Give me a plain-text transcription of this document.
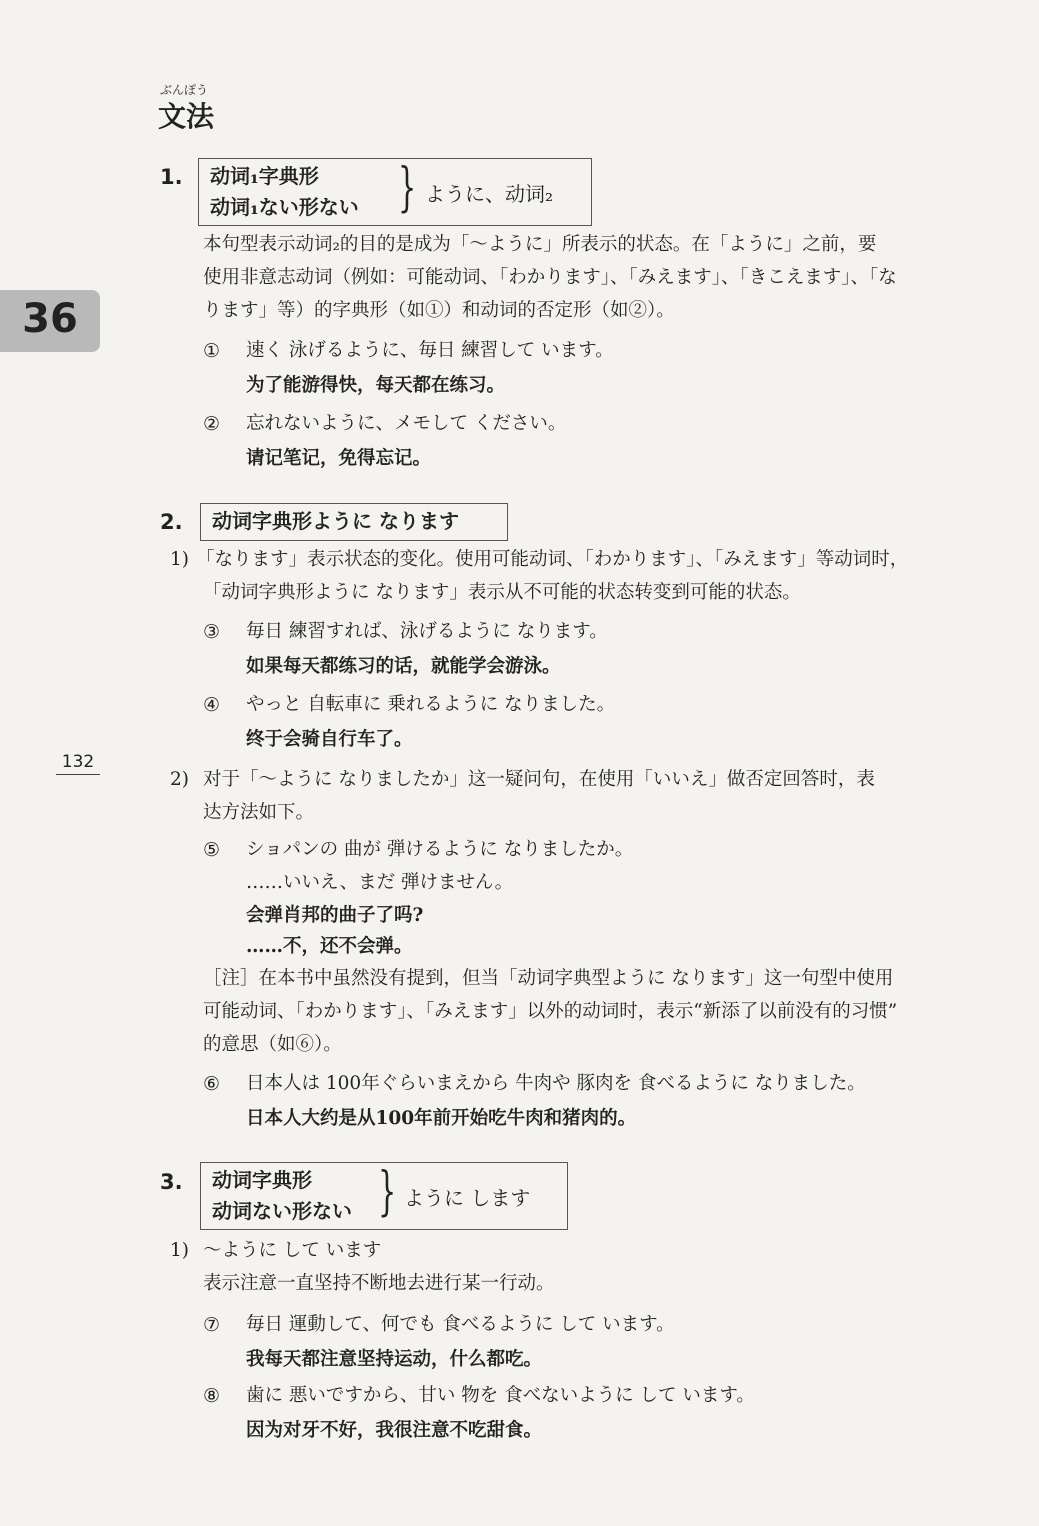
36
132
ぶんぽう
文法
1. 动词₁字典形
动词₁ない形ない } ように、动词₂
本句型表示动词₂的目的是成为「～ように」所表示的状态。在「ように」之前，要
使用非意志动词（例如：可能动词、「わかります」、「みえます」、「きこえます」、「な
ります」等）的字典形（如①）和动词的否定形（如②）。
① 速く 泳げるように、毎日 練習して います。
为了能游得快，每天都在练习。
② 忘れないように、メモして ください。
请记笔记，免得忘记。
2. 动词字典形ように なります
1) 「なります」表示状态的变化。使用可能动词、「わかります」、「みえます」等动词时，
「动词字典形ように なります」表示从不可能的状态转变到可能的状态。
③ 毎日 練習すれば、泳げるように なります。
如果每天都练习的话，就能学会游泳。
④ やっと 自転車に 乗れるように なりました。
终于会骑自行车了。
2) 对于「～ように なりましたか」这一疑问句，在使用「いいえ」做否定回答时，表
达方法如下。
⑤ ショパンの 曲が 弾けるように なりましたか。
……いいえ、まだ 弾けません。
会弹肖邦的曲子了吗?
……不，还不会弹。
［注］在本书中虽然没有提到，但当「动词字典型ように なります」这一句型中使用
可能动词、「わかります」、「みえます」以外的动词时，表示“新添了以前没有的习惯”
的意思（如⑥）。
⑥ 日本人は 100年ぐらいまえから 牛肉や 豚肉を 食べるように なりました。
日本人大约是从100年前开始吃牛肉和猪肉的。
3. 动词字典形
动词ない形ない } ように します
1) ～ように して います
表示注意一直坚持不断地去进行某一行动。
⑦ 毎日 運動して、何でも 食べるように して います。
我每天都注意坚持运动，什么都吃。
⑧ 歯に 悪いですから、甘い 物を 食べないように して います。
因为对牙不好，我很注意不吃甜食。
